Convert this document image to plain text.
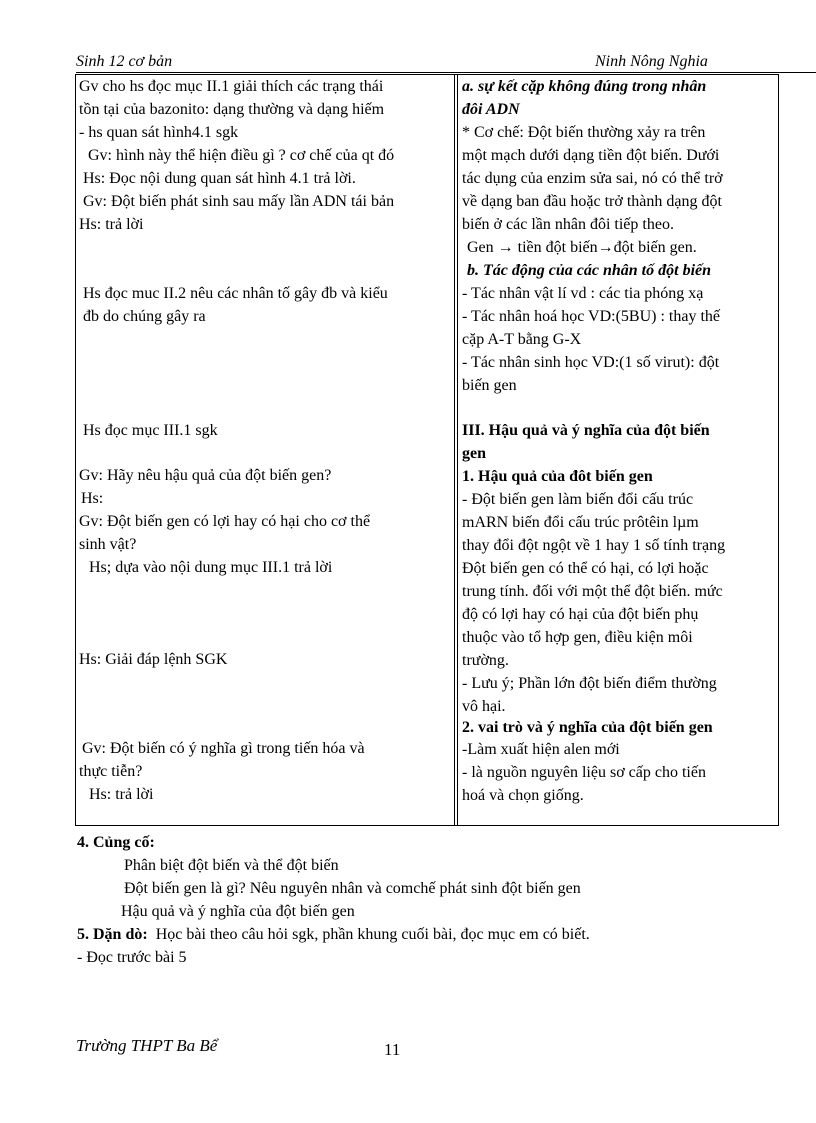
Sinh 12 cơ bản	Ninh Nông Nghia
Gv cho hs đọc mục II.1 giải thích các trạng thái
tồn tại của bazonito: dạng thường và dạng hiếm
- hs quan sát hình4.1 sgk
Gv: hình này thể hiện điều gì ? cơ chế của qt đó
Hs: Đọc nội dung quan sát hình 4.1 trả lời.
Gv: Đột biến phát sinh sau mấy lần ADN tái bản
Hs: trả lời
Hs đọc muc II.2 nêu các nhân tố gây đb và kiểu
đb do chúng gây ra
Hs đọc mục III.1 sgk
Gv: Hãy nêu hậu quả của đột biến gen?
Hs:
Gv: Đột biến gen có lợi hay có hại cho cơ thể
sinh vật?
Hs; dựa vào nội dung mục III.1 trả lời
Hs: Giải đáp lệnh SGK
Gv: Đột biến có ý nghĩa gì trong tiến hóa và
thực tiễn?
Hs: trả lời
a. sự kết cặp không đúng trong nhân
đôi ADN
* Cơ chế: Đột biến thường xảy ra trên
một mạch dưới dạng tiền đột biến. Dưới
tác dụng của enzim sửa sai, nó có thể trở
về dạng ban đầu hoặc trở thành dạng đột
biến ở các lần nhân đôi tiếp theo.
Gen → tiền đột biến→đột biến gen.
b. Tác động của các nhân tố đột biến
- Tác nhân vật lí vd : các tia phóng xạ
- Tác nhân hoá học VD:(5BU) : thay thế
cặp A-T bằng G-X
- Tác nhân sinh học VD:(1 số virut): đột
biến gen
III. Hậu quả và ý nghĩa của đột biến
gen
1. Hậu quả của đôt biến gen
- Đột biến gen làm biến đổi cấu trúc
mARN biến đổi cấu trúc prôtêin lµm
thay đổi đột ngột về 1 hay 1 số tính trạng
Đột biến gen có thể có hại, có lợi hoặc
trung tính. đối với một thể đột biến. mức
độ có lợi hay có hại của đột biến phụ
thuộc vào tổ hợp gen, điều kiện môi
trường.
- Lưu ý; Phần lớn đột biến điểm thường
vô hại.
2. vai trò và ý nghĩa của đột biến gen
-Làm xuất hiện alen mới
- là nguồn nguyên liệu sơ cấp cho tiến
hoá và chọn giống.
4. Củng cố:
Phân biệt đột biến và thể đột biến
Đột biến gen là gì? Nêu nguyên nhân và comchế phát sinh đột biến gen
Hậu quả và ý nghĩa của đột biến gen
5. Dặn dò: Học bài theo câu hỏi sgk, phần khung cuối bài, đọc mục em có biết.
- Đọc trước bài 5
Trường THPT Ba Bể	11
